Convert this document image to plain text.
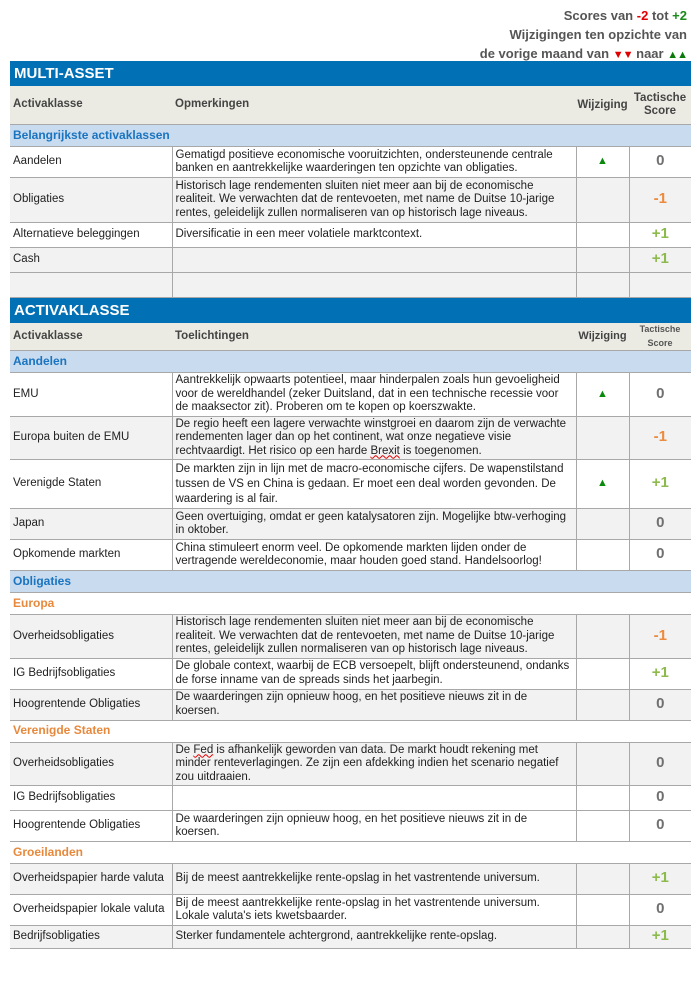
Scores van -2 tot +2
Wijzigingen ten opzichte van
de vorige maand van ▼▼ naar ▲▲
MULTI-ASSET
Activaklasse	Opmerkingen	Wijziging	Tactische Score
Belangrijkste activaklassen			
Aandelen	Gematigd positieve economische vooruitzichten, ondersteunende centrale banken en aantrekkelijke waarderingen ten opzichte van obligaties.	▲	0
Obligaties	Historisch lage rendementen sluiten niet meer aan bij de economische realiteit. We verwachten dat de rentevoeten, met name de Duitse 10-jarige rentes, geleidelijk zullen normaliseren van op historisch lage niveaus.		-1
Alternatieve beleggingen	Diversificatie in een meer volatiele marktcontext.		+1
Cash			+1

ACTIVAKLASSE
Activaklasse	Toelichtingen	Wijziging	Tactische Score
Aandelen			
EMU	Aantrekkelijk opwaarts potentieel, maar hinderpalen zoals hun gevoeligheid voor de wereldhandel (zeker Duitsland, dat in een technische recessie voor de maaksector zit). Proberen om te kopen op koerszwakte.	▲	0
Europa buiten de EMU	De regio heeft een lagere verwachte winstgroei en daarom zijn de verwachte rendementen lager dan op het continent, wat onze negatieve visie rechtvaardigt. Het risico op een harde Brexit is toegenomen.		-1
Verenigde Staten	De markten zijn in lijn met de macro-economische cijfers. De wapenstilstand tussen de VS en China is gedaan. Er moet een deal worden gevonden. De waardering is al fair.	▲	+1
Japan	Geen overtuiging, omdat er geen katalysatoren zijn. Mogelijke btw-verhoging in oktober.		0
Opkomende markten	China stimuleert enorm veel. De opkomende markten lijden onder de vertragende wereldeconomie, maar houden goed stand. Handelsoorlog!		0
Obligaties			
Europa			
Overheidsobligaties	Historisch lage rendementen sluiten niet meer aan bij de economische realiteit. We verwachten dat de rentevoeten, met name de Duitse 10-jarige rentes, geleidelijk zullen normaliseren van op historisch lage niveaus.		-1
IG Bedrijfsobligaties	De globale context, waarbij de ECB versoepelt, blijft ondersteunend, ondanks de forse inname van de spreads sinds het jaarbegin.		+1
Hoogrentende Obligaties	De waarderingen zijn opnieuw hoog, en het positieve nieuws zit in de koersen.		0
Verenigde Staten			
Overheidsobligaties	De Fed is afhankelijk geworden van data. De markt houdt rekening met minder renteverlagingen. Ze zijn een afdekking indien het scenario negatief zou uitdraaien.		0
IG Bedrijfsobligaties			0
Hoogrentende Obligaties	De waarderingen zijn opnieuw hoog, en het positieve nieuws zit in de koersen.		0
Groeilanden			
Overheidspapier harde valuta	Bij de meest aantrekkelijke rente-opslag in het vastrentende universum.		+1
Overheidspapier lokale valuta	Bij de meest aantrekkelijke rente-opslag in het vastrentende universum. Lokale valuta's iets kwetsbaarder.		0
Bedrijfsobligaties	Sterker fundamentele achtergrond, aantrekkelijke rente-opslag.		+1
